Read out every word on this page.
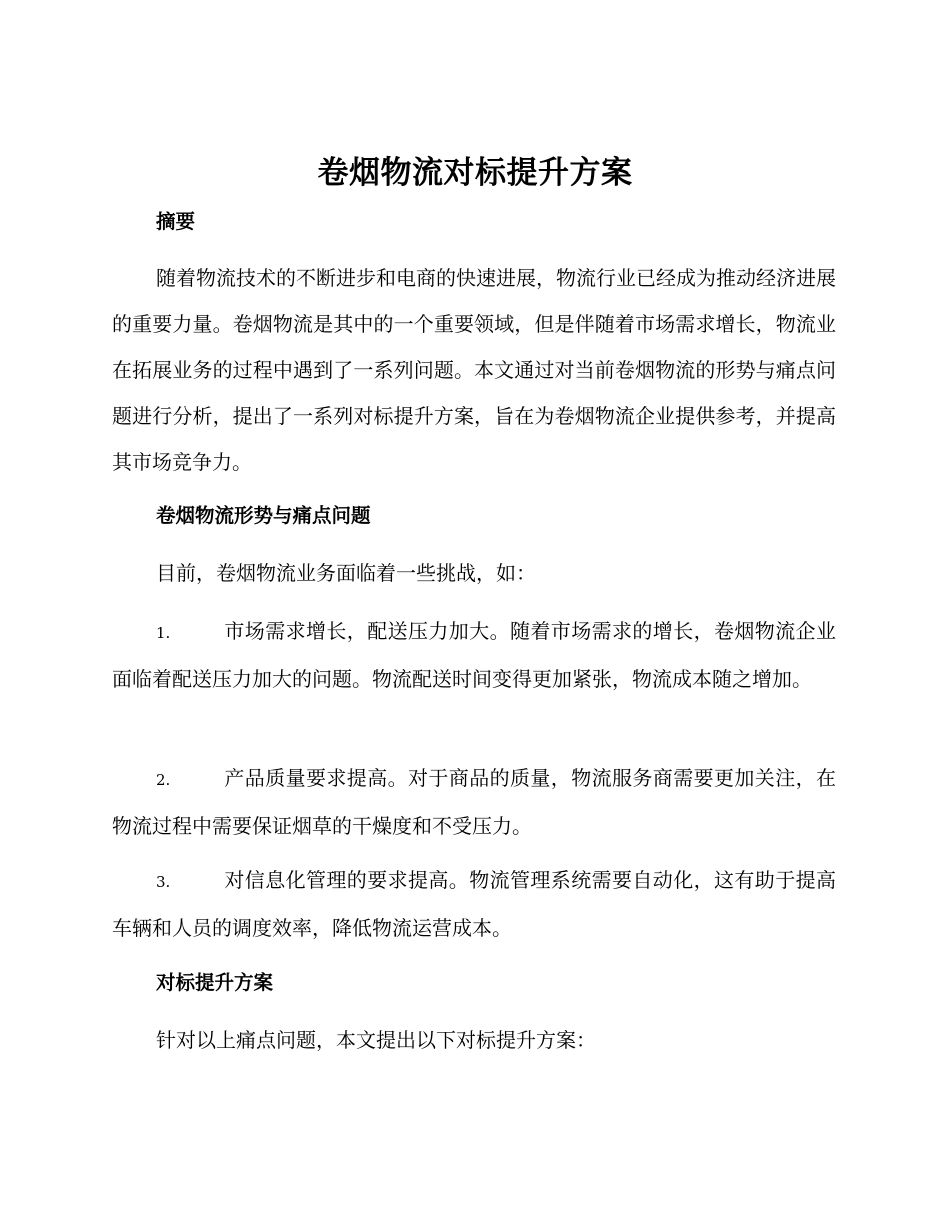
卷烟物流对标提升方案
摘要

随着物流技术的不断进步和电商的快速进展，物流行业已经成为推动经济进展的重要力量。卷烟物流是其中的一个重要领域，但是伴随着市场需求增长，物流业在拓展业务的过程中遇到了一系列问题。本文通过对当前卷烟物流的形势与痛点问题进行分析，提出了一系列对标提升方案，旨在为卷烟物流企业提供参考，并提高其市场竞争力。

卷烟物流形势与痛点问题

目前，卷烟物流业务面临着一些挑战，如：

1.	市场需求增长，配送压力加大。随着市场需求的增长，卷烟物流企业面临着配送压力加大的问题。物流配送时间变得更加紧张，物流成本随之增加。

2.	产品质量要求提高。对于商品的质量，物流服务商需要更加关注，在物流过程中需要保证烟草的干燥度和不受压力。

3.	对信息化管理的要求提高。物流管理系统需要自动化，这有助于提高车辆和人员的调度效率，降低物流运营成本。

对标提升方案

针对以上痛点问题，本文提出以下对标提升方案：
